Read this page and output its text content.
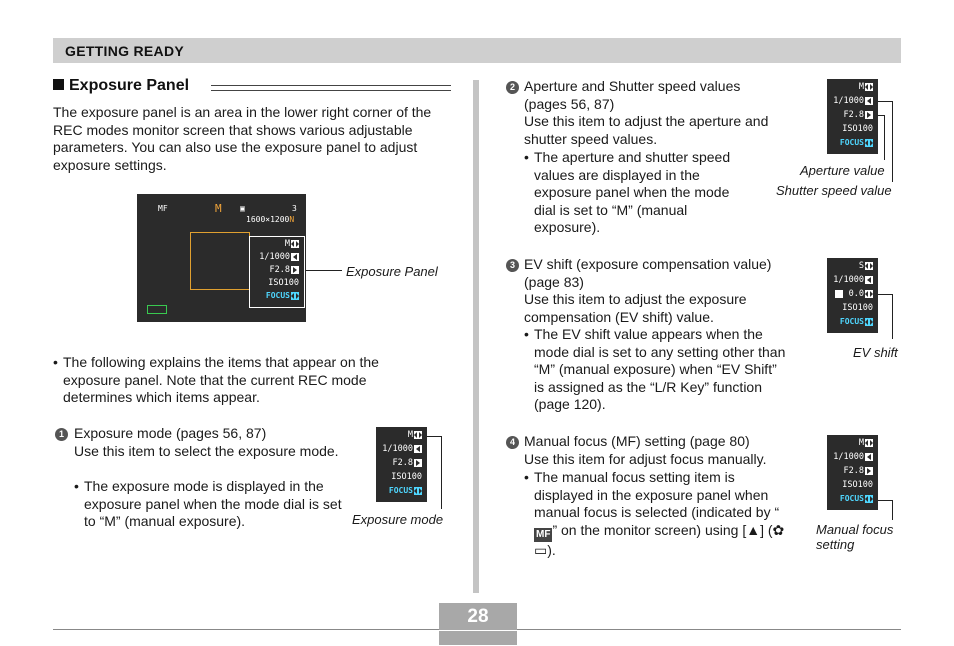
GETTING READY
Exposure Panel
The exposure panel is an area in the lower right corner of the REC modes monitor screen that shows various adjustable parameters. You can also use the exposure panel to adjust exposure settings.
MF	M ▣	3
1600×1200N
M
1/1000
F2.8
ISO100
FOCUS
Exposure Panel
• The following explains the items that appear on the exposure panel. Note that the current REC mode determines which items appear.
1 Exposure mode (pages 56, 87)
Use this item to select the exposure mode.
• The exposure mode is displayed in the exposure panel when the mode dial is set to “M” (manual exposure).
M
1/1000
F2.8
ISO100
FOCUS
Exposure mode
2 Aperture and Shutter speed values (pages 56, 87)
Use this item to adjust the aperture and shutter speed values.
• The aperture and shutter speed values are displayed in the exposure panel when the mode dial is set to “M” (manual exposure).
M
1/1000
F2.8
ISO100
FOCUS
Aperture value
Shutter speed value
3 EV shift (exposure compensation value) (page 83)
Use this item to adjust the exposure compensation (EV shift) value.
• The EV shift value appears when the mode dial is set to any setting other than “M” (manual exposure) when “EV Shift” is assigned as the “L/R Key” function (page 120).
S
1/1000
0.0
ISO100
FOCUS
EV shift
4 Manual focus (MF) setting (page 80)
Use this item for adjust focus manually.
• The manual focus setting item is displayed in the exposure panel when manual focus is selected (indicated by “MF ” on the monitor screen) using [▲] (✿ ▭).
M
1/1000
F2.8
ISO100
FOCUS
Manual focus
setting
28
